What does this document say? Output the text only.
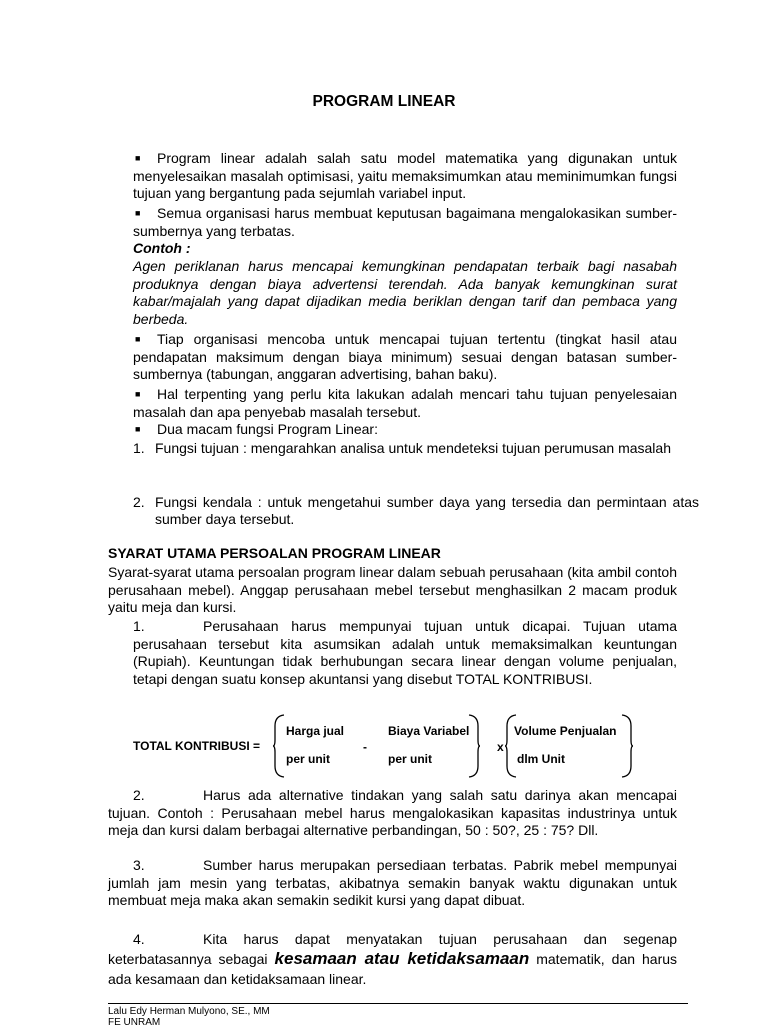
PROGRAM LINEAR
■ Program linear adalah salah satu model matematika yang digunakan untuk menyelesaikan masalah optimisasi, yaitu memaksimumkan atau meminimumkan fungsi tujuan yang bergantung pada sejumlah variabel input.
■ Semua organisasi harus membuat keputusan bagaimana mengalokasikan sumber-sumbernya yang terbatas.
Contoh :
Agen periklanan harus mencapai kemungkinan pendapatan terbaik bagi nasabah produknya dengan biaya advertensi terendah. Ada banyak kemungkinan surat kabar/majalah yang dapat dijadikan media beriklan dengan tarif dan pembaca yang berbeda.
■ Tiap organisasi mencoba untuk mencapai tujuan tertentu (tingkat hasil atau pendapatan maksimum dengan biaya minimum) sesuai dengan batasan sumber-sumbernya (tabungan, anggaran advertising, bahan baku).
■ Hal terpenting yang perlu kita lakukan adalah mencari tahu tujuan penyelesaian masalah dan apa penyebab masalah tersebut.
■ Dua macam fungsi Program Linear:
1. Fungsi tujuan : mengarahkan analisa untuk mendeteksi tujuan perumusan masalah
2. Fungsi kendala : untuk mengetahui sumber daya yang tersedia dan permintaan atas sumber daya tersebut.
SYARAT UTAMA PERSOALAN PROGRAM LINEAR
Syarat-syarat utama persoalan program linear dalam sebuah perusahaan (kita ambil contoh perusahaan mebel). Anggap perusahaan mebel tersebut menghasilkan 2 macam produk yaitu meja dan kursi.
1.	Perusahaan harus mempunyai tujuan untuk dicapai. Tujuan utama perusahaan tersebut kita asumsikan adalah untuk memaksimalkan keuntungan (Rupiah). Keuntungan tidak berhubungan secara linear dengan volume penjualan, tetapi dengan suatu konsep akuntansi yang disebut TOTAL KONTRIBUSI.
TOTAL KONTRIBUSI =
Harga jual	Biaya Variabel
per unit
-
per unit
x
Volume Penjualan
dlm Unit
2.	Harus ada alternative tindakan yang salah satu darinya akan mencapai tujuan. Contoh : Perusahaan mebel harus mengalokasikan kapasitas industrinya untuk meja dan kursi dalam berbagai alternative perbandingan, 50 : 50?, 25 : 75? Dll.
3.	Sumber harus merupakan persediaan terbatas. Pabrik mebel mempunyai jumlah jam mesin yang terbatas, akibatnya semakin banyak waktu digunakan untuk membuat meja maka akan semakin sedikit kursi yang dapat dibuat.
4.	Kita harus dapat menyatakan tujuan perusahaan dan segenap keterbatasannya sebagai kesamaan atau ketidaksamaan matematik, dan harus ada kesamaan dan ketidaksamaan linear.
Lalu Edy Herman Mulyono, SE., MM
FE UNRAM
